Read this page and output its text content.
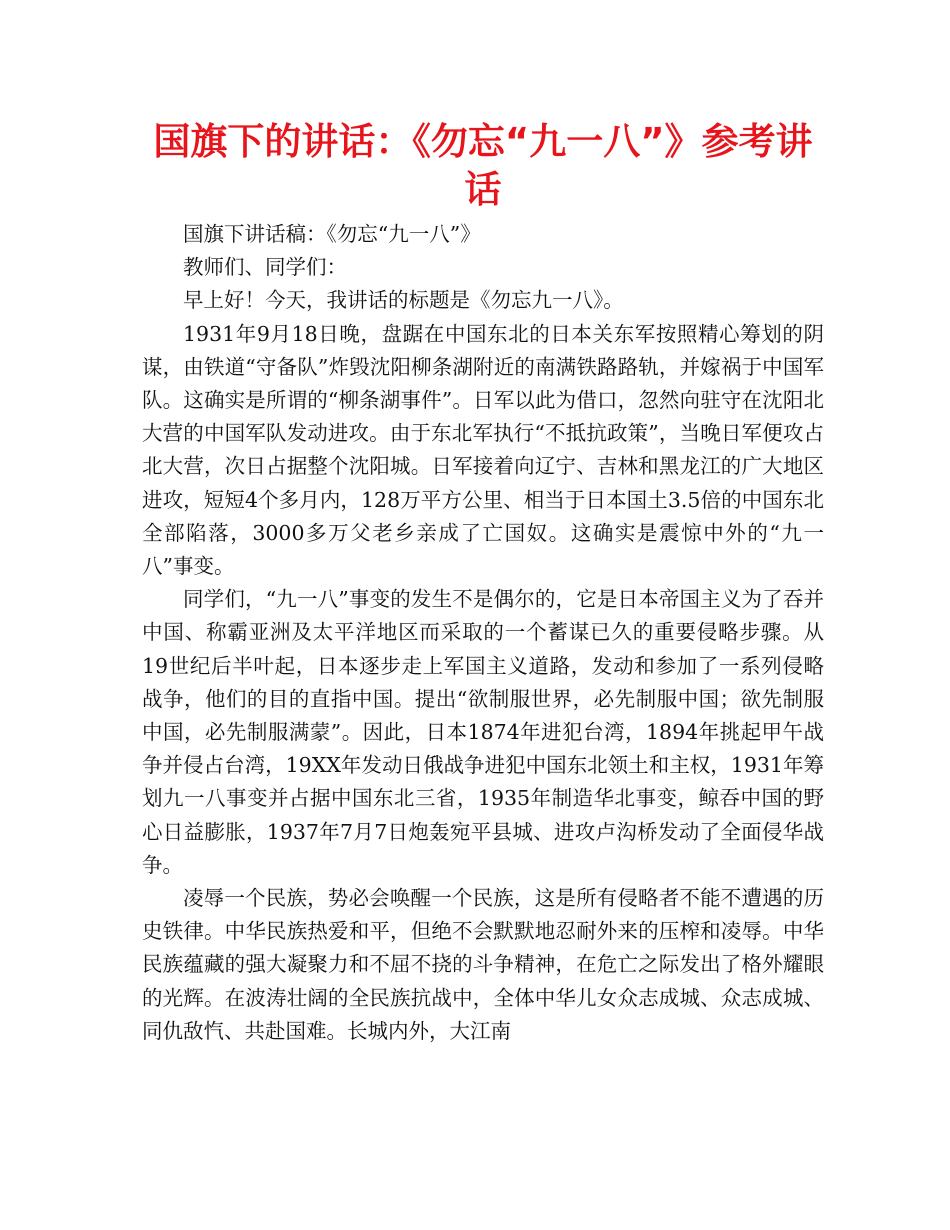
国旗下的讲话：《勿忘“九一八”》参考讲话

国旗下讲话稿：《勿忘“九一八”》

教师们、同学们：

早上好！今天，我讲话的标题是《勿忘九一八》。

1931年9月18日晚，盘踞在中国东北的日本关东军按照精心筹划的阴谋，由铁道“守备队”炸毁沈阳柳条湖附近的南满铁路路轨，并嫁祸于中国军队。这确实是所谓的“柳条湖事件”。日军以此为借口，忽然向驻守在沈阳北大营的中国军队发动进攻。由于东北军执行“不抵抗政策”，当晚日军便攻占北大营，次日占据整个沈阳城。日军接着向辽宁、吉林和黑龙江的广大地区进攻，短短4个多月内，128万平方公里、相当于日本国土3.5倍的中国东北全部陷落，3000多万父老乡亲成了亡国奴。这确实是震惊中外的“九一八”事变。

同学们，“九一八”事变的发生不是偶尔的，它是日本帝国主义为了吞并中国、称霸亚洲及太平洋地区而采取的一个蓄谋已久的重要侵略步骤。从19世纪后半叶起，日本逐步走上军国主义道路，发动和参加了一系列侵略战争，他们的目的直指中国。提出“欲制服世界，必先制服中国；欲先制服中国，必先制服满蒙”。因此，日本1874年进犯台湾，1894年挑起甲午战争并侵占台湾，19XX年发动日俄战争进犯中国东北领土和主权，1931年筹划九一八事变并占据中国东北三省，1935年制造华北事变，鲸吞中国的野心日益膨胀，1937年7月7日炮轰宛平县城、进攻卢沟桥发动了全面侵华战争。

凌辱一个民族，势必会唤醒一个民族，这是所有侵略者不能不遭遇的历史铁律。中华民族热爱和平，但绝不会默默地忍耐外来的压榨和凌辱。中华民族蕴藏的强大凝聚力和不屈不挠的斗争精神，在危亡之际发出了格外耀眼的光辉。在波涛壮阔的全民族抗战中，全体中华儿女众志成城、众志成城、同仇敌忾、共赴国难。长城内外，大江南
